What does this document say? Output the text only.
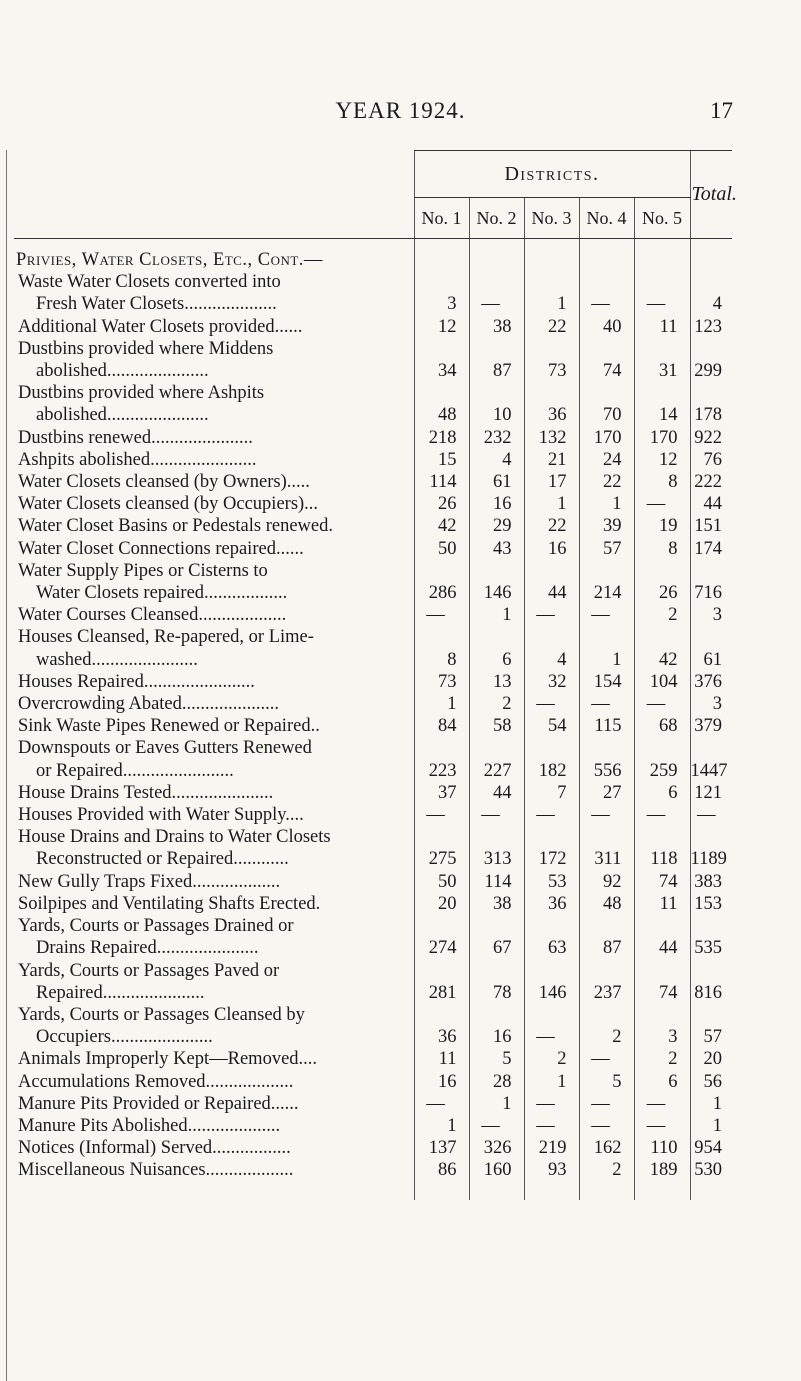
YEAR 1924.	17
	Districts.					Total.
	No. 1	No. 2	No. 3	No. 4	No. 5	
Privies, Water Closets, Etc., Cont.—						

Waste Water Closets converted into
Fresh Water Closets....................	3	—	1	—	—	4

Additional Water Closets provided......	12	38	22	40	11	123

Dustbins provided where Middens
abolished......................	34	87	73	74	31	299

Dustbins provided where Ashpits
abolished......................	48	10	36	70	14	178

Dustbins renewed......................	218	232	132	170	170	922

Ashpits abolished.......................	15	4	21	24	12	76

Water Closets cleansed (by Owners).....	114	61	17	22	8	222

Water Closets cleansed (by Occupiers)...	26	16	1	1	—	44

Water Closet Basins or Pedestals renewed.	42	29	22	39	19	151

Water Closet Connections repaired......	50	43	16	57	8	174

Water Supply Pipes or Cisterns to
Water Closets repaired..................	286	146	44	214	26	716

Water Courses Cleansed...................	—	1	—	—	2	3

Houses Cleansed, Re-papered, or Lime-
washed.......................	8	6	4	1	42	61

Houses Repaired........................	73	13	32	154	104	376

Overcrowding Abated.....................	1	2	—	—	—	3

Sink Waste Pipes Renewed or Repaired..	84	58	54	115	68	379

Downspouts or Eaves Gutters Renewed
or Repaired........................	223	227	182	556	259	1447

House Drains Tested......................	37	44	7	27	6	121

Houses Provided with Water Supply....	—	—	—	—	—	—

House Drains and Drains to Water Closets
Reconstructed or Repaired............	275	313	172	311	118	1189

New Gully Traps Fixed...................	50	114	53	92	74	383

Soilpipes and Ventilating Shafts Erected.	20	38	36	48	11	153

Yards, Courts or Passages Drained or
Drains Repaired......................	274	67	63	87	44	535

Yards, Courts or Passages Paved or
Repaired......................	281	78	146	237	74	816

Yards, Courts or Passages Cleansed by
Occupiers......................	36	16	—	2	3	57

Animals Improperly Kept—Removed....	11	5	2	—	2	20

Accumulations Removed...................	16	28	1	5	6	56

Manure Pits Provided or Repaired......	—	1	—	—	—	1

Manure Pits Abolished....................	1	—	—	—	—	1

Notices (Informal) Served.................	137	326	219	162	110	954

Miscellaneous Nuisances...................	86	160	93	2	189	530
